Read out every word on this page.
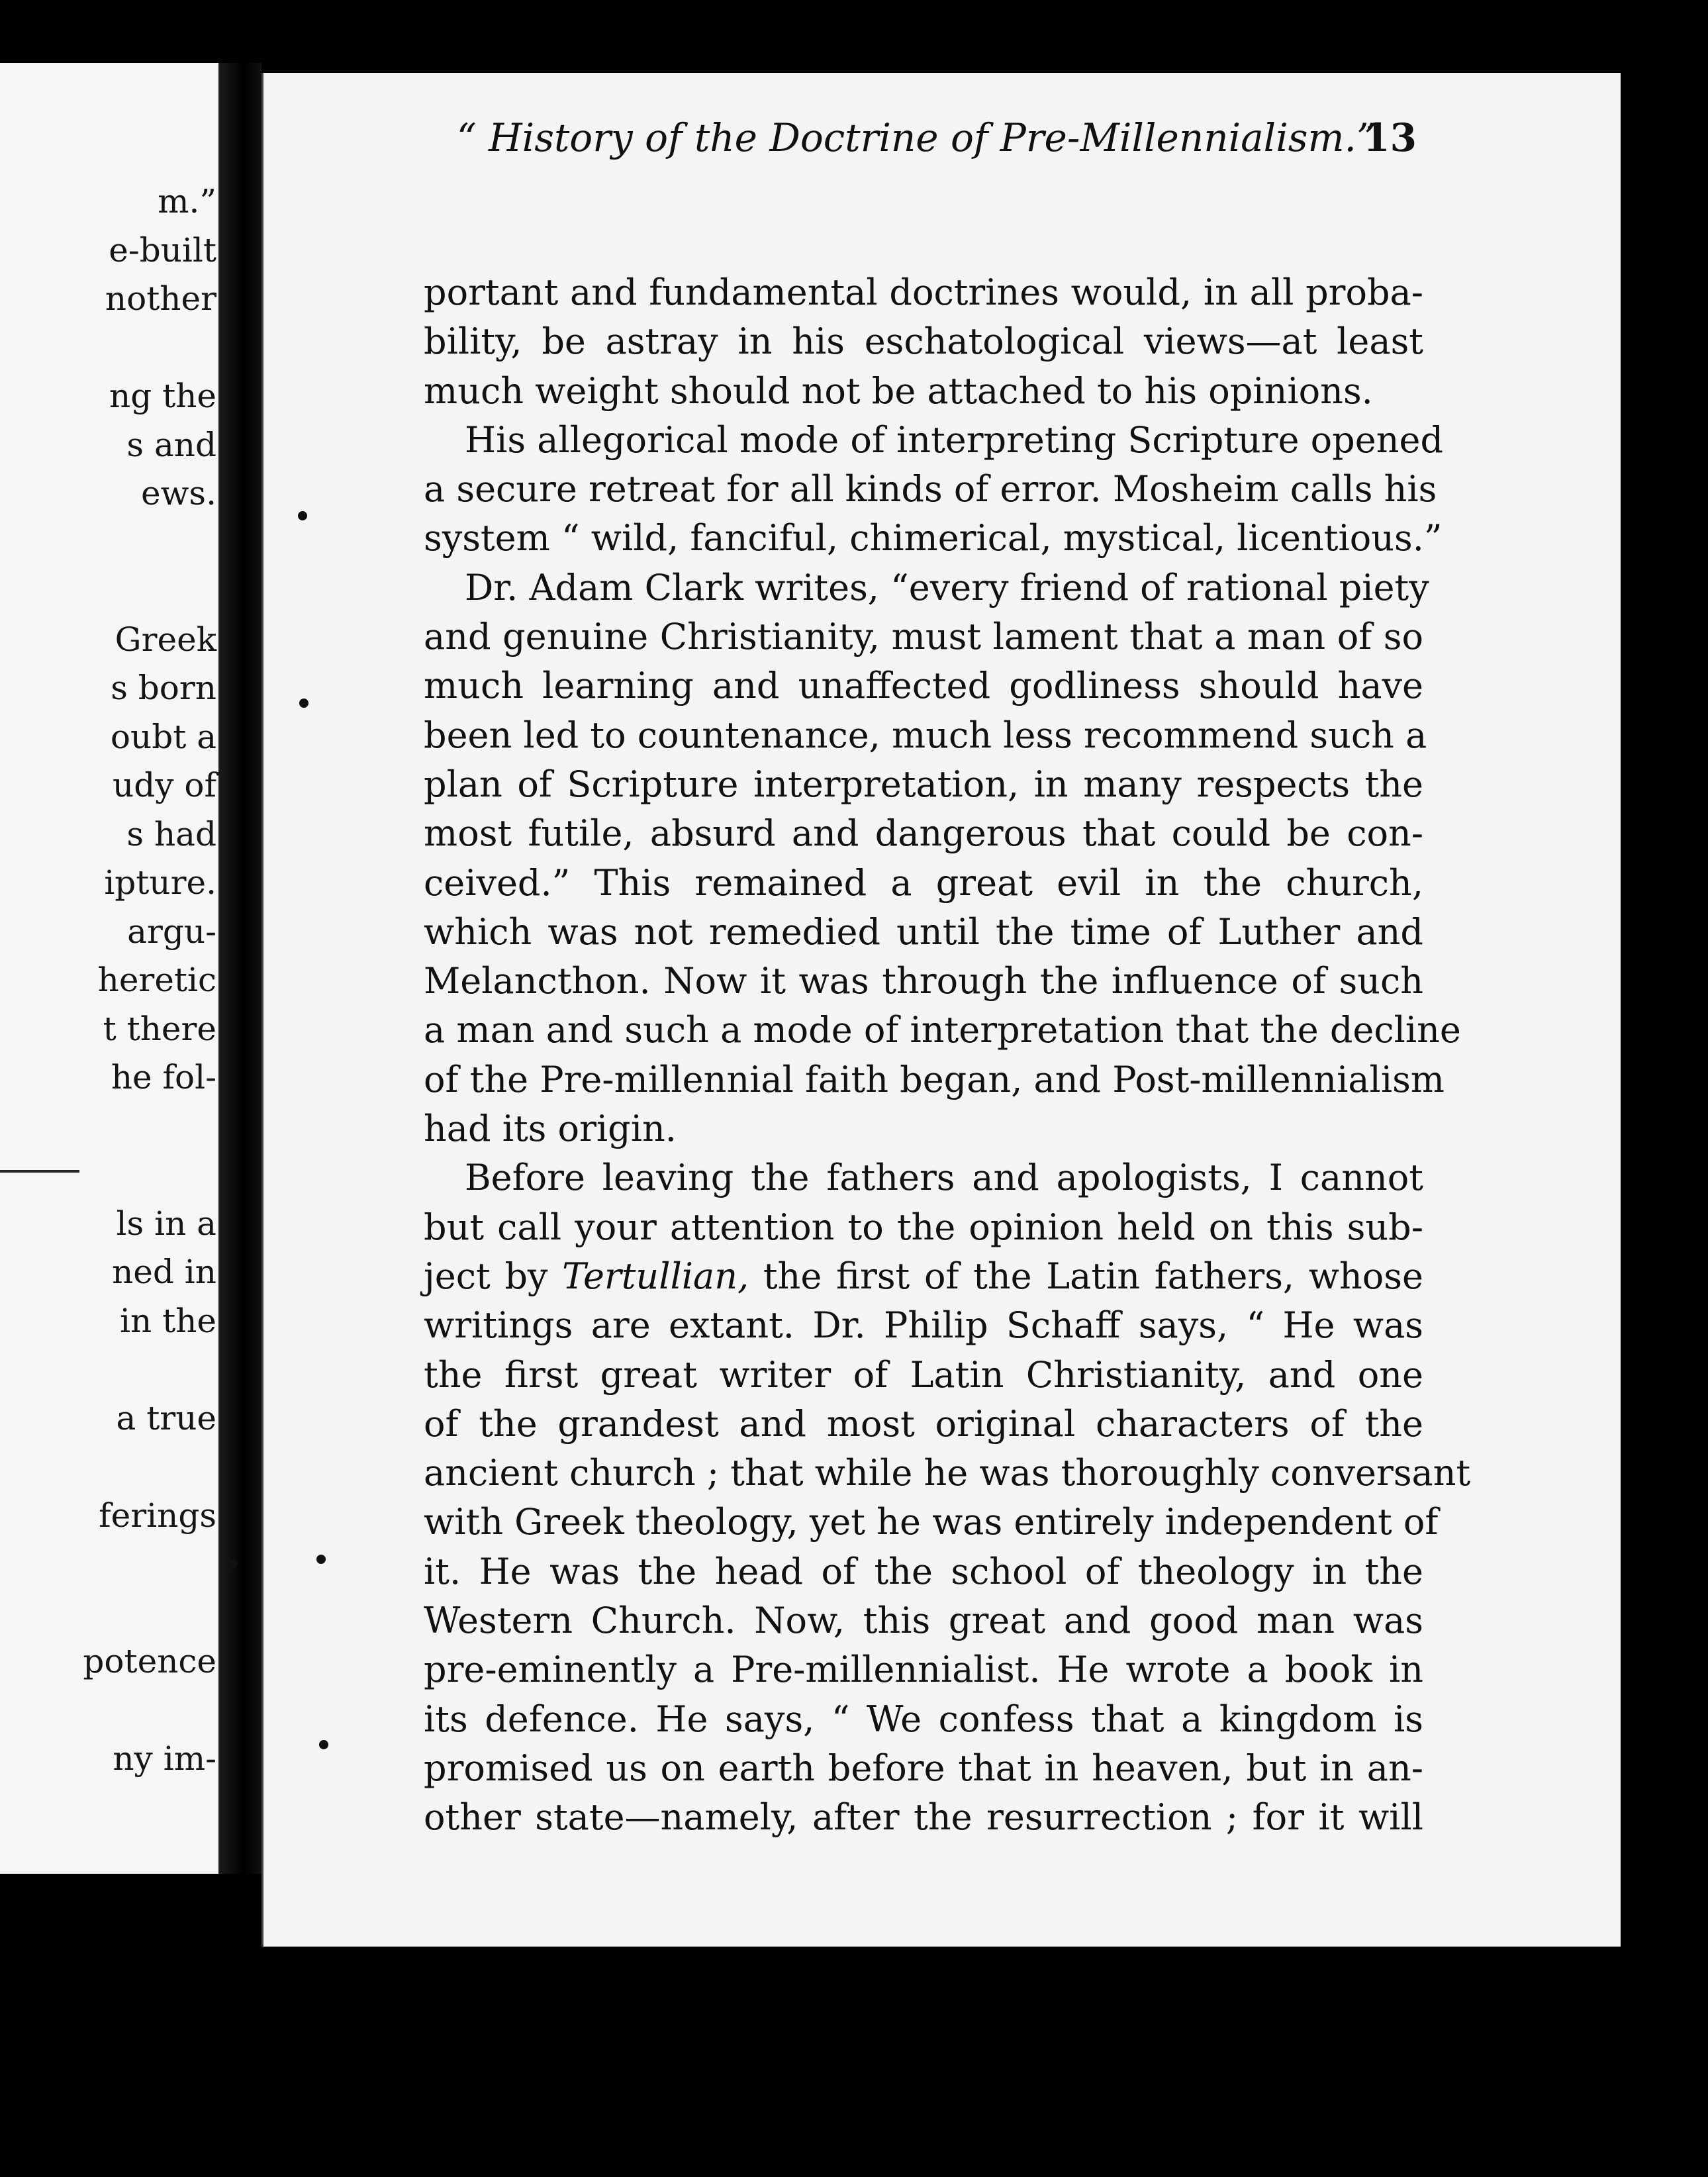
m.”
e-built
nother
ng the
s and
ews.
Greek
s born
oubt a
udy of
s had
ipture.
argu-
heretic
t there
he fol-
ls in a
ned in
in the
a true
ferings
potence
ny im-
“ History of the Doctrine of Pre-Millennialism.”
13
portant and fundamental doctrines would, in all proba-
bility, be astray in his eschatological views—at least
much weight should not be attached to his opinions.
His allegorical mode of interpreting Scripture opened
a secure retreat for all kinds of error. Mosheim calls his
system “ wild, fanciful, chimerical, mystical, licentious.”
Dr. Adam Clark writes, “every friend of rational piety
and genuine Christianity, must lament that a man of so
much learning and unaffected godliness should have
been led to countenance, much less recommend such a
plan of Scripture interpretation, in many respects the
most futile, absurd and dangerous that could be con-
ceived.” This remained a great evil in the church,
which was not remedied until the time of Luther and
Melancthon. Now it was through the influence of such
a man and such a mode of interpretation that the decline
of the Pre-millennial faith began, and Post-millennialism
had its origin.
Before leaving the fathers and apologists, I cannot
but call your attention to the opinion held on this sub-
ject by Tertullian, the first of the Latin fathers, whose
writings are extant. Dr. Philip Schaff says, “ He was
the first great writer of Latin Christianity, and one
of the grandest and most original characters of the
ancient church ; that while he was thoroughly conversant
with Greek theology, yet he was entirely independent of
it. He was the head of the school of theology in the
Western Church. Now, this great and good man was
pre-eminently a Pre-millennialist. He wrote a book in
its defence. He says, “ We confess that a kingdom is
promised us on earth before that in heaven, but in an-
other state—namely, after the resurrection ; for it will
